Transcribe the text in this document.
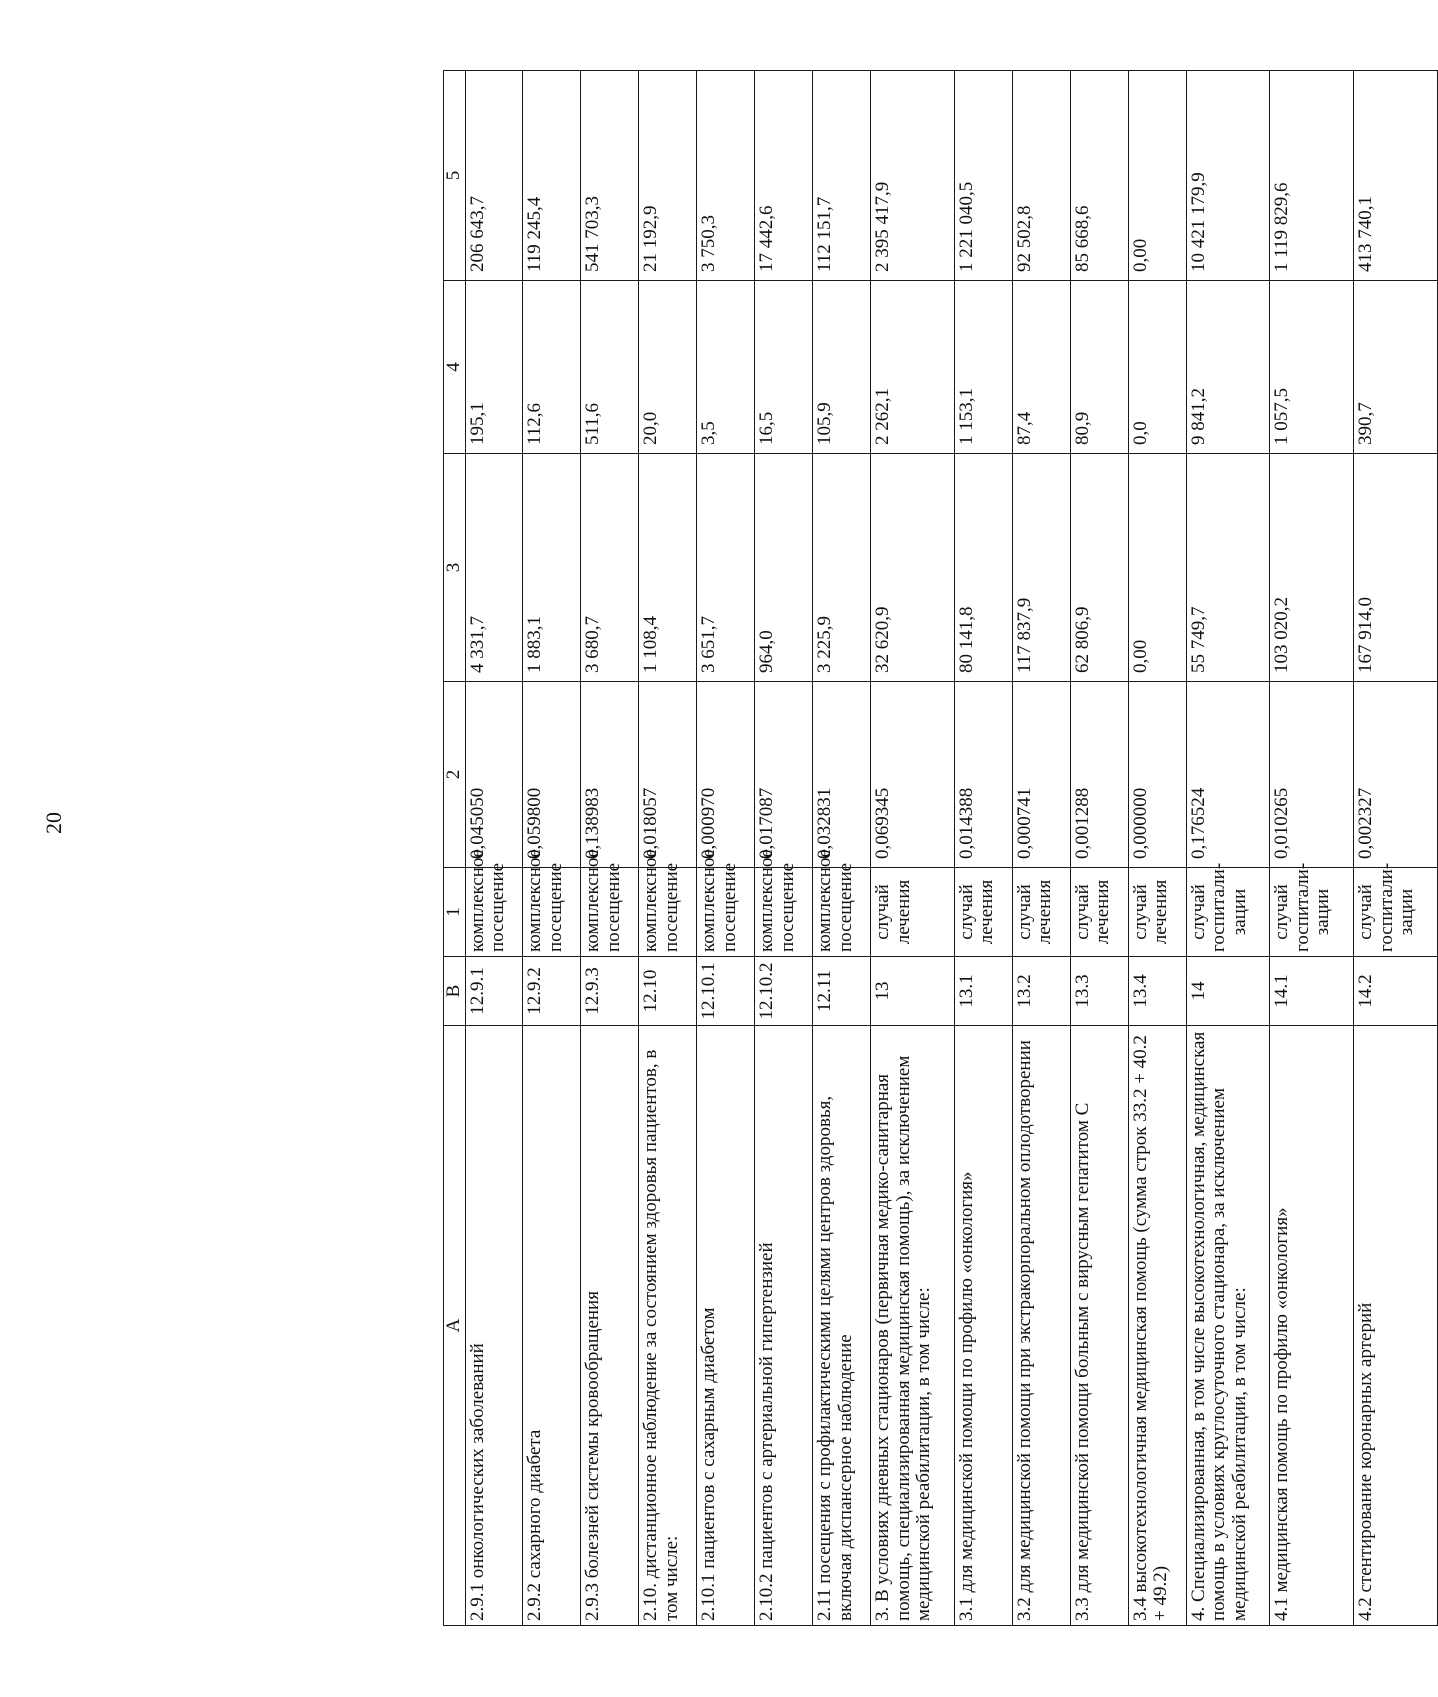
20
A	B	1	2	3	4	5
2.9.1 онкологических заболеваний	12.9.1	комплексное посещение	0,045050	4 331,7	195,1	206 643,7
2.9.2 сахарного диабета	12.9.2	комплексное посещение	0,059800	1 883,1	112,6	119 245,4
2.9.3 болезней системы кровообращения	12.9.3	комплексное посещение	0,138983	3 680,7	511,6	541 703,3
2.10. дистанционное наблюдение за состоянием здоровья пациентов, в том числе:	12.10	комплексное посещение	0,018057	1 108,4	20,0	21 192,9
2.10.1 пациентов с сахарным диабетом	12.10.1	комплексное посещение	0,000970	3 651,7	3,5	3 750,3
2.10.2 пациентов с артериальной гипертензией	12.10.2	комплексное посещение	0,017087	964,0	16,5	17 442,6
2.11 посещения с профилактическими целями центров здоровья, включая диспансерное наблюдение	12.11	комплексное посещение	0,032831	3 225,9	105,9	112 151,7
3. В условиях дневных стационаров (первичная медико-санитарная помощь, специализированная медицинская помощь), за исключением медицинской реабилитации, в том числе:	13	случай лечения	0,069345	32 620,9	2 262,1	2 395 417,9
3.1 для медицинской помощи по профилю «онкология»	13.1	случай лечения	0,014388	80 141,8	1 153,1	1 221 040,5
3.2 для медицинской помощи при экстракорпоральном оплодотворении	13.2	случай лечения	0,000741	117 837,9	87,4	92 502,8
3.3 для медицинской помощи больным с вирусным гепатитом С	13.3	случай лечения	0,001288	62 806,9	80,9	85 668,6
3.4 высокотехнологичная медицинская помощь (сумма строк 33.2 + 40.2 + 49.2)	13.4	случай лечения	0,000000	0,00	0,0	0,00
4. Специализированная, в том числе высокотехнологичная, медицинская помощь в условиях круглосуточного стационара, за исключением медицинской реабилитации, в том числе:	14	случай госпитали-зации	0,176524	55 749,7	9 841,2	10 421 179,9
4.1 медицинская помощь по профилю «онкология»	14.1	случай госпитали-зации	0,010265	103 020,2	1 057,5	1 119 829,6
4.2 стентирование коронарных артерий	14.2	случай госпитали-зации	0,002327	167 914,0	390,7	413 740,1
